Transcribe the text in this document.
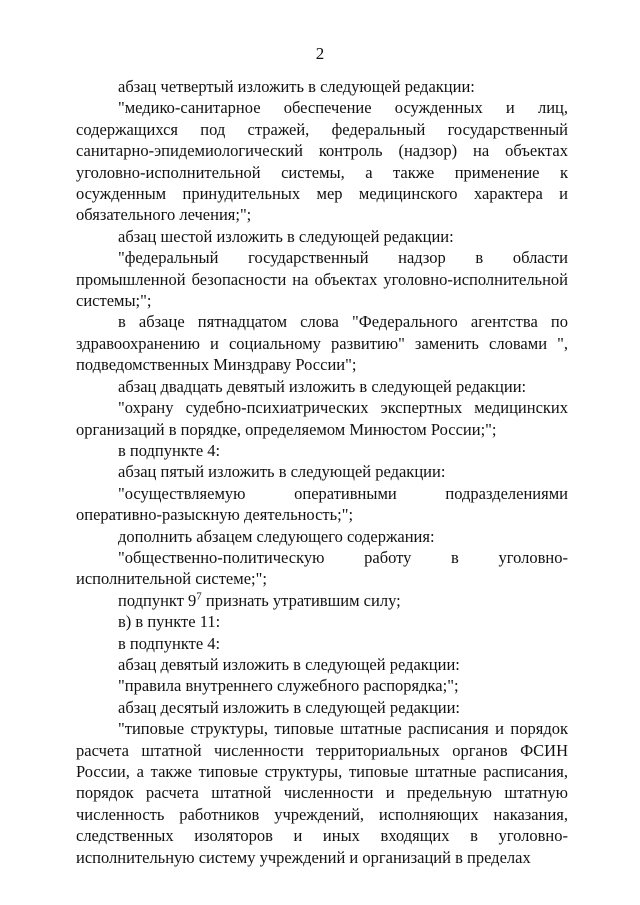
2

абзац четвертый изложить в следующей редакции:

"медико-санитарное обеспечение осужденных и лиц, содержащихся под стражей, федеральный государственный санитарно-эпидемиологический контроль (надзор) на объектах уголовно-исполнительной системы, а также применение к осужденным принудительных мер медицинского характера и обязательного лечения;";

абзац шестой изложить в следующей редакции:

"федеральный государственный надзор в области промышленной безопасности на объектах уголовно-исполнительной системы;";

в абзаце пятнадцатом слова "Федерального агентства по здравоохранению и социальному развитию" заменить словами ", подведомственных Минздраву России";

абзац двадцать девятый изложить в следующей редакции:

"охрану судебно-психиатрических экспертных медицинских организаций в порядке, определяемом Минюстом России;";

в подпункте 4:

абзац пятый изложить в следующей редакции:

"осуществляемую оперативными подразделениями оперативно-разыскную деятельность;";

дополнить абзацем следующего содержания:

"общественно-политическую работу в уголовно-исполнительной системе;";

подпункт $9^7$ признать утратившим силу;

в) в пункте 11:

в подпункте 4:

абзац девятый изложить в следующей редакции:

"правила внутреннего служебного распорядка;";

абзац десятый изложить в следующей редакции:

"типовые структуры, типовые штатные расписания и порядок расчета штатной численности территориальных органов ФСИН России, а также типовые структуры, типовые штатные расписания, порядок расчета штатной численности и предельную штатную численность работников учреждений, исполняющих наказания, следственных изоляторов и иных входящих в уголовно-исполнительную систему учреждений и организаций в пределах
